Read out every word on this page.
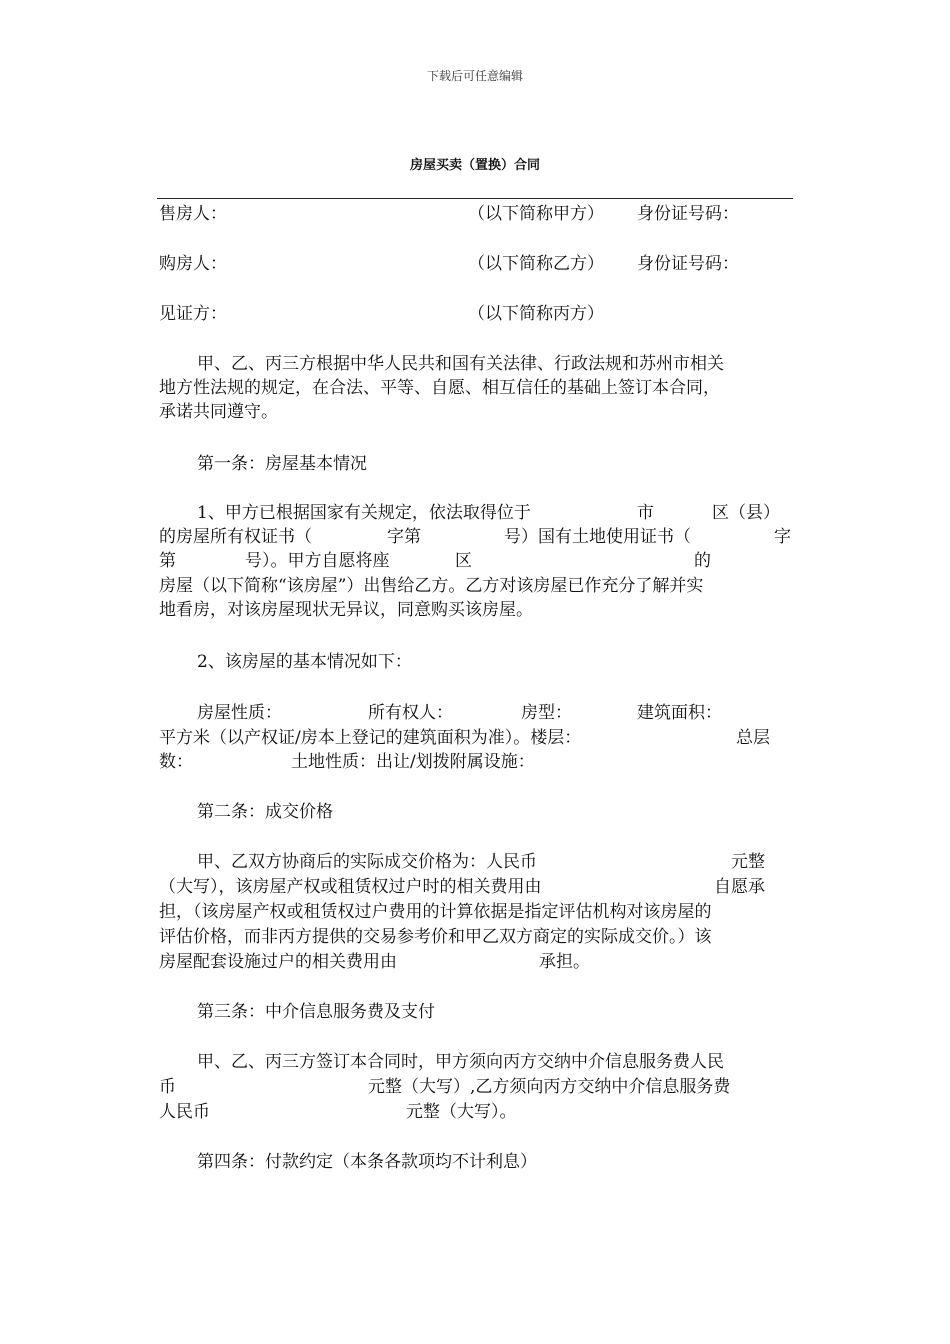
下载后可任意编辑
房屋买卖（置换）合同
售房人：	（以下简称甲方） 身份证号码：
购房人：	（以下简称乙方） 身份证号码：
见证方：	（以下简称丙方）
甲、乙、丙三方根据中华人民共和国有关法律、行政法规和苏州市相关
地方性法规的规定，在合法、平等、自愿、相互信任的基础上签订本合同，
承诺共同遵守。
第一条：房屋基本情况
1、甲方已根据国家有关规定，依法取得位于	市	区（县）
的房屋所有权证书（	字第	号）国有土地使用证书（	字
第	号）。甲方自愿将座	区	的
房屋（以下简称“该房屋”）出售给乙方。乙方对该房屋已作充分了解并实
地看房，对该房屋现状无异议，同意购买该房屋。
2、该房屋的基本情况如下：
房屋性质：	所有权人：	房型：	建筑面积：
平方米（以产权证/房本上登记的建筑面积为准）。楼层：	总层
数：	土地性质：出让/划拨附属设施：
第二条：成交价格
甲、乙双方协商后的实际成交价格为：人民币	元整
（大写），该房屋产权或租赁权过户时的相关费用由	自愿承
担，（该房屋产权或租赁权过户费用的计算依据是指定评估机构对该房屋的
评估价格，而非丙方提供的交易参考价和甲乙双方商定的实际成交价。）该
房屋配套设施过户的相关费用由	承担。
第三条：中介信息服务费及支付
甲、乙、丙三方签订本合同时，甲方须向丙方交纳中介信息服务费人民
币	元整（大写）,乙方须向丙方交纳中介信息服务费
人民币	元整（大写）。
第四条：付款约定（本条各款项均不计利息）
